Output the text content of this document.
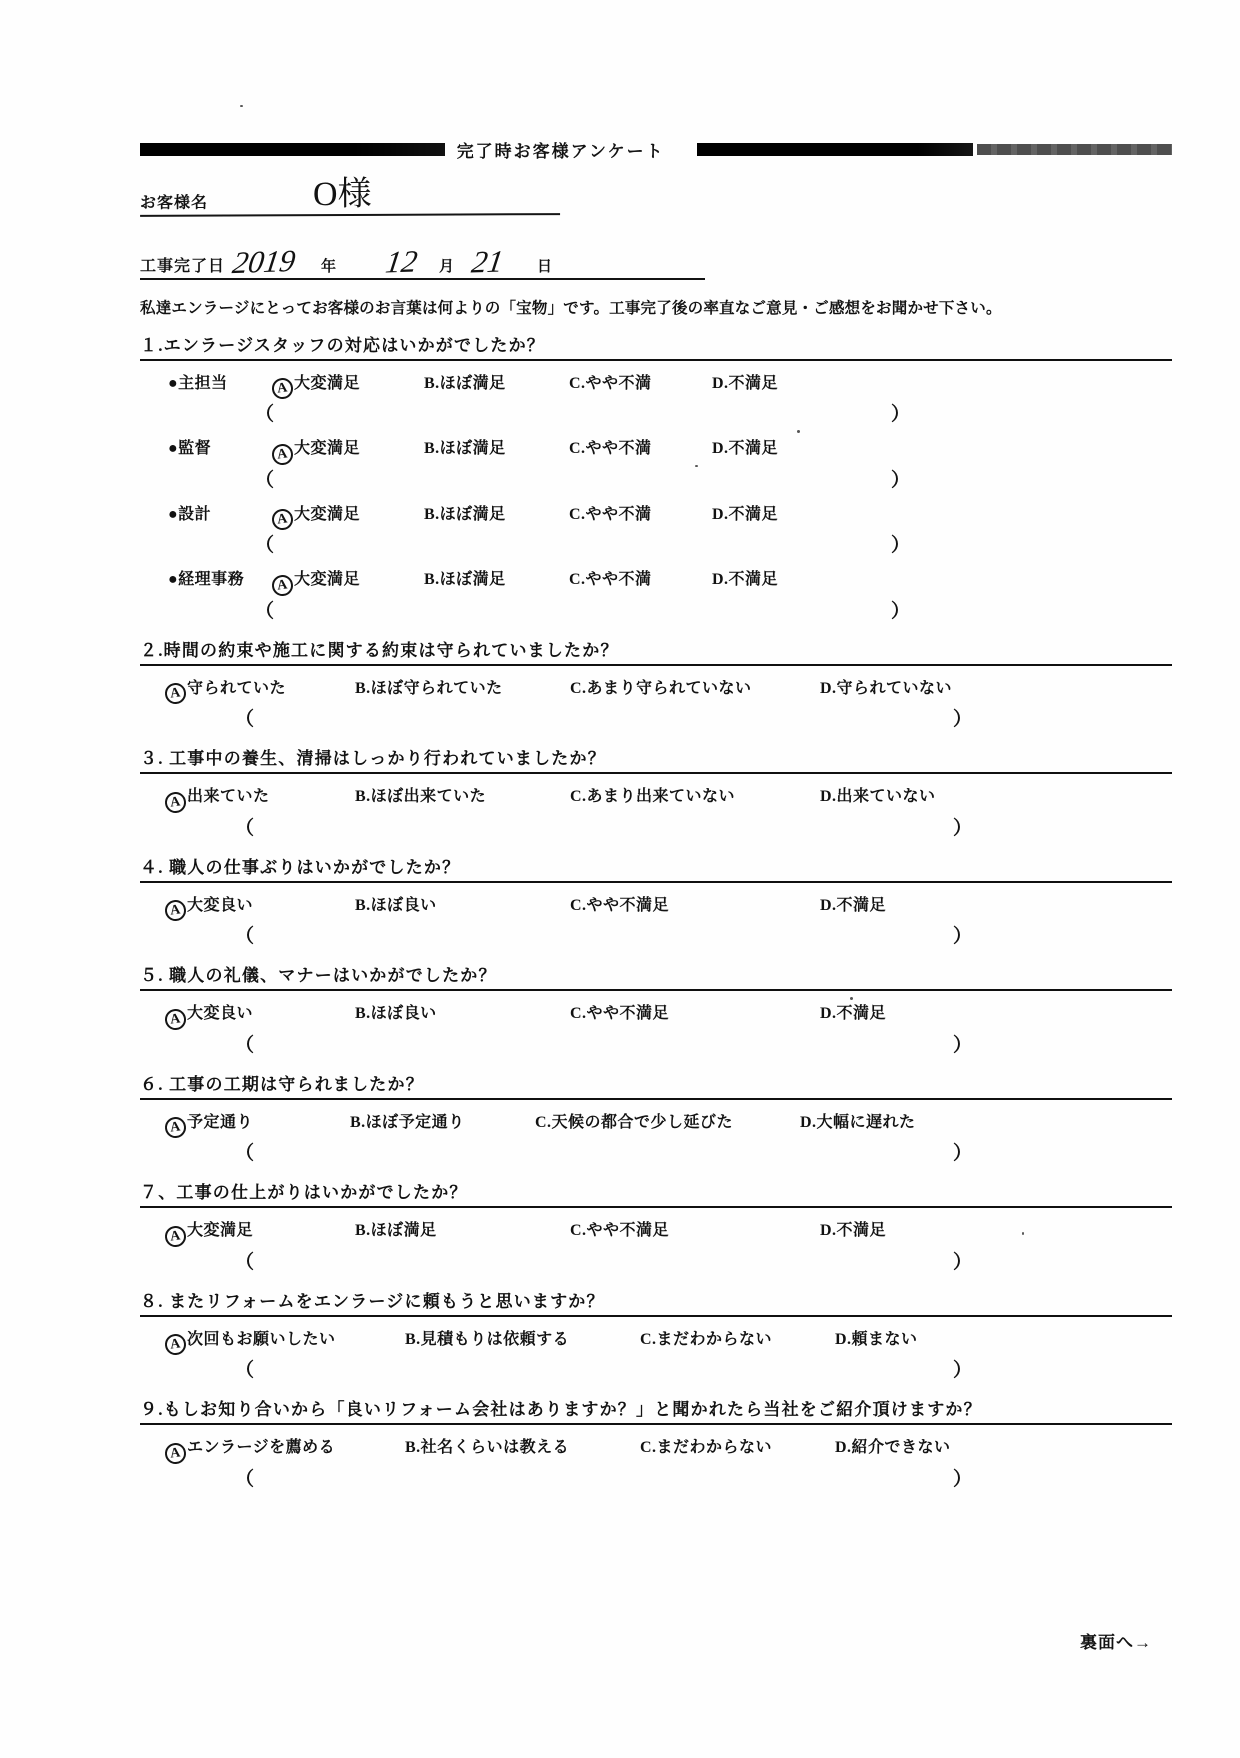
完了時お客様アンケート
お客様名	O様
工事完了日 2019 年 12 月 21 日
私達エンラージにとってお客様のお言葉は何よりの「宝物」です。工事完了後の率直なご意見・ご感想をお聞かせ下さい。
１.エンラージスタッフの対応はいかがでしたか？
●主担当	A 大変満足	B.ほぼ満足	C.やや不満	D.不満足
（	）
●監督	A 大変満足	B.ほぼ満足	C.やや不満	D.不満足
（	）
●設計	A 大変満足	B.ほぼ満足	C.やや不満	D.不満足
（	）
●経理事務	A 大変満足	B.ほぼ満足	C.やや不満	D.不満足
（	）
２.時間の約束や施工に関する約束は守られていましたか？
A 守られていた	B.ほぼ守られていた	C.あまり守られていない	D.守られていない
（	）
３. 工事中の養生、清掃はしっかり行われていましたか？
A 出来ていた	B.ほぼ出来ていた	C.あまり出来ていない	D.出来ていない
（	）
４. 職人の仕事ぶりはいかがでしたか？
A 大変良い	B.ほぼ良い	C.やや不満足	D.不満足
（	）
５. 職人の礼儀、マナーはいかがでしたか？
A 大変良い	B.ほぼ良い	C.やや不満足	D.不満足
（	）
６. 工事の工期は守られましたか？
A 予定通り	B.ほぼ予定通り	C.天候の都合で少し延びた	D.大幅に遅れた
（	）
７、工事の仕上がりはいかがでしたか？
A 大変満足	B.ほぼ満足	C.やや不満足	D.不満足
（	）
８. またリフォームをエンラージに頼もうと思いますか？
A 次回もお願いしたい	B.見積もりは依頼する	C.まだわからない	D.頼まない
（	）
９.もしお知り合いから「良いリフォーム会社はありますか？」と聞かれたら当社をご紹介頂けますか？
A エンラージを薦める	B.社名くらいは教える	C.まだわからない	D.紹介できない
（	）
裏面へ→
